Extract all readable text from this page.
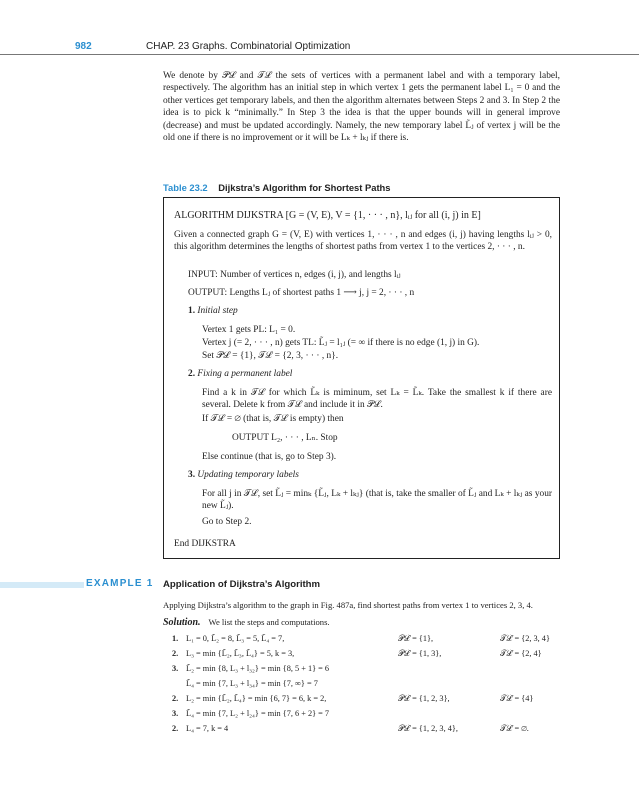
982	CHAP. 23 Graphs. Combinatorial Optimization
We denote by 𝒫ℒ and 𝒯ℒ the sets of vertices with a permanent label and with a temporary label, respectively. The algorithm has an initial step in which vertex 1 gets the permanent label L₁ = 0 and the other vertices get temporary labels, and then the algorithm alternates between Steps 2 and 3. In Step 2 the idea is to pick k “minimally.” In Step 3 the idea is that the upper bounds will in general improve (decrease) and must be updated accordingly. Namely, the new temporary label L̃ⱼ of vertex j will be the old one if there is no improvement or it will be Lₖ + lₖⱼ if there is.
Table 23.2 Dijkstra’s Algorithm for Shortest Paths
ALGORITHM DIJKSTRA [G = (V, E), V = {1, · · · , n}, lᵢⱼ for all (i, j) in E]
Given a connected graph G = (V, E) with vertices 1, · · · , n and edges (i, j) having lengths lᵢⱼ > 0, this algorithm determines the lengths of shortest paths from vertex 1 to the vertices 2, · · · , n.
INPUT: Number of vertices n, edges (i, j), and lengths lᵢⱼ
OUTPUT: Lengths Lⱼ of shortest paths 1 ⟶ j, j = 2, · · · , n
1. Initial step
Vertex 1 gets PL: L₁ = 0.
Vertex j (= 2, · · · , n) gets TL: L̃ⱼ = l₁ⱼ (= ∞ if there is no edge (1, j) in G).
Set 𝒫ℒ = {1}, 𝒯ℒ = {2, 3, · · · , n}.
2. Fixing a permanent label
Find a k in 𝒯ℒ for which L̃ₖ is miminum, set Lₖ = L̃ₖ. Take the smallest k if there are several. Delete k from 𝒯ℒ and include it in 𝒫ℒ.
If 𝒯ℒ = ∅ (that is, 𝒯ℒ is empty) then
OUTPUT L₂, · · · , Lₙ. Stop
Else continue (that is, go to Step 3).
3. Updating temporary labels
For all j in 𝒯ℒ, set L̃ⱼ = minₖ {L̃ⱼ, Lₖ + lₖⱼ} (that is, take the smaller of L̃ⱼ and Lₖ + lₖⱼ as your new L̃ⱼ).
Go to Step 2.
End DIJKSTRA
EXAMPLE 1 Application of Dijkstra’s Algorithm
Applying Dijkstra’s algorithm to the graph in Fig. 487a, find shortest paths from vertex 1 to vertices 2, 3, 4.
Solution. We list the steps and computations.
1. L₁ = 0, L̃₂ = 8, L̃₃ = 5, L̃₄ = 7,	𝒫ℒ = {1},	𝒯ℒ = {2, 3, 4}
2. L₃ = min {L̃₂, L̃₃, L̃₄} = 5, k = 3,	𝒫ℒ = {1, 3},	𝒯ℒ = {2, 4}
3. L̃₂ = min {8, L₃ + l₃₂} = min {8, 5 + 1} = 6
L̃₄ = min {7, L₃ + l₃₄} = min {7, ∞} = 7
2. L₂ = min {L̃₂, L̃₄} = min {6, 7} = 6, k = 2,	𝒫ℒ = {1, 2, 3},	𝒯ℒ = {4}
3. L̃₄ = min {7, L₂ + l₂₄} = min {7, 6 + 2} = 7
2. L₄ = 7, k = 4	𝒫ℒ = {1, 2, 3, 4},	𝒯ℒ = ∅.
